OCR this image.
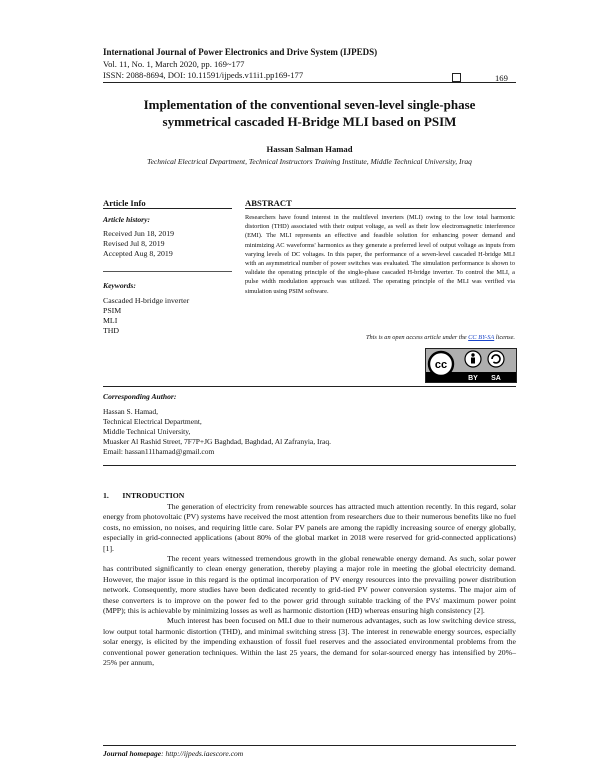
International Journal of Power Electronics and Drive System (IJPEDS)
Vol. 11, No. 1, March 2020, pp. 169~177
ISSN: 2088-8694, DOI: 10.11591/ijpeds.v11i1.pp169-177	169
Implementation of the conventional seven-level single-phase
symmetrical cascaded H-Bridge MLI based on PSIM
Hassan Salman Hamad
Technical Electrical Department, Technical Instructors Training Institute, Middle Technical University, Iraq
Article Info
Article history:
Received Jun 18, 2019
Revised Jul 8, 2019
Accepted Aug 8, 2019
Keywords:
Cascaded H-bridge inverter
PSIM
MLI
THD
ABSTRACT
Researchers have found interest in the multilevel inverters (MLI) owing to the low total harmonic distortion (THD) associated with their output voltage, as well as their low electromagnetic interference (EMI). The MLI represents an effective and feasible solution for enhancing power demand and minimizing AC waveforms' harmonics as they generate a preferred level of output voltage as inputs from varying levels of DC voltages. In this paper, the performance of a seven-level cascaded H-bridge MLI with an asymmetrical number of power switches was evaluated. The simulation performance is shown to validate the operating principle of the single-phase cascaded H-bridge inverter. To control the MLI, a pulse width modulation approach was utilized. The operating principle of the MLI was verified via simulation using PSIM software.
This is an open access article under the CC BY-SA license.
cc
BY SA
Corresponding Author:
Hassan S. Hamad,
Technical Electrical Department,
Middle Technical University,
Muasker Al Rashid Street, 7F7P+JG Baghdad, Baghdad, Al Zafranyia, Iraq.
Email: hassan111hamad@gmail.com
1.       INTRODUCTION

The generation of electricity from renewable sources has attracted much attention recently. In this regard, solar energy from photovoltaic (PV) systems have received the most attention from researchers due to their numerous benefits like no fuel costs, no emission, no noises, and requiring little care. Solar PV panels are among the rapidly increasing source of energy globally, especially in grid-connected applications (about 80% of the global market in 2018 were reserved for grid-connected applications) [1].

The recent years witnessed tremendous growth in the global renewable energy demand. As such, solar power has contributed significantly to clean energy generation, thereby playing a major role in meeting the global electricity demand. However, the major issue in this regard is the optimal incorporation of PV energy resources into the prevailing power distribution network. Consequently, more studies have been dedicated recently to grid-tied PV power conversion systems. The major aim of these converters is to improve on the power fed to the power grid through suitable tracking of the PVs' maximum power point (MPP); this is achievable by minimizing losses as well as harmonic distortion (HD) whereas ensuring high consistency [2].

Much interest has been focused on MLI due to their numerous advantages, such as low switching device stress, low output total harmonic distortion (THD), and minimal switching stress [3]. The interest in renewable energy sources, especially solar energy, is elicited by the impending exhaustion of fossil fuel reserves and the associated environmental problems from the conventional power generation techniques. Within the last 25 years, the demand for solar-sourced energy has intensified by 20%–25% per annum,

Journal homepage: http://ijpeds.iaescore.com
